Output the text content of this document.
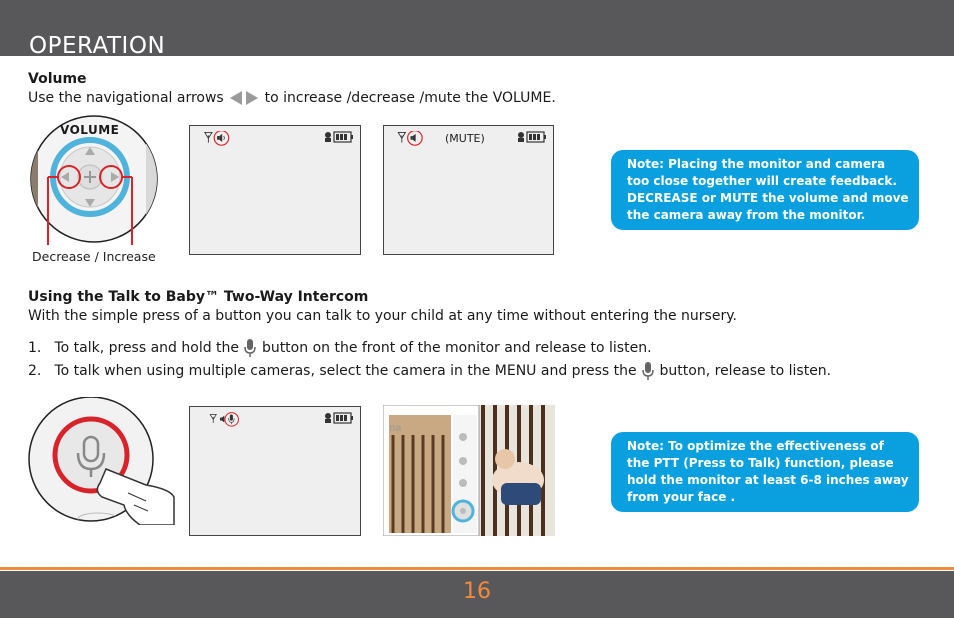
OPERATION
Volume
Use the navigational arrows	to increase /decrease /mute the VOLUME.
VOLUME
Decrease / Increase
(MUTE)
Note: Placing the monitor and camera too close together will create feedback. DECREASE or MUTE the volume and move the camera away from the monitor.
Using the Talk to Baby™ Two-Way Intercom
With the simple press of a button you can talk to your child at any time without entering the nursery.
1. To talk, press and hold the button on the front of the monitor and release to listen.
2. To talk when using multiple cameras, select the camera in the MENU and press the button, release to listen.
na
Note: To optimize the effectiveness of the PTT (Press to Talk) function, please hold the monitor at least 6-8 inches away from your face .
16
